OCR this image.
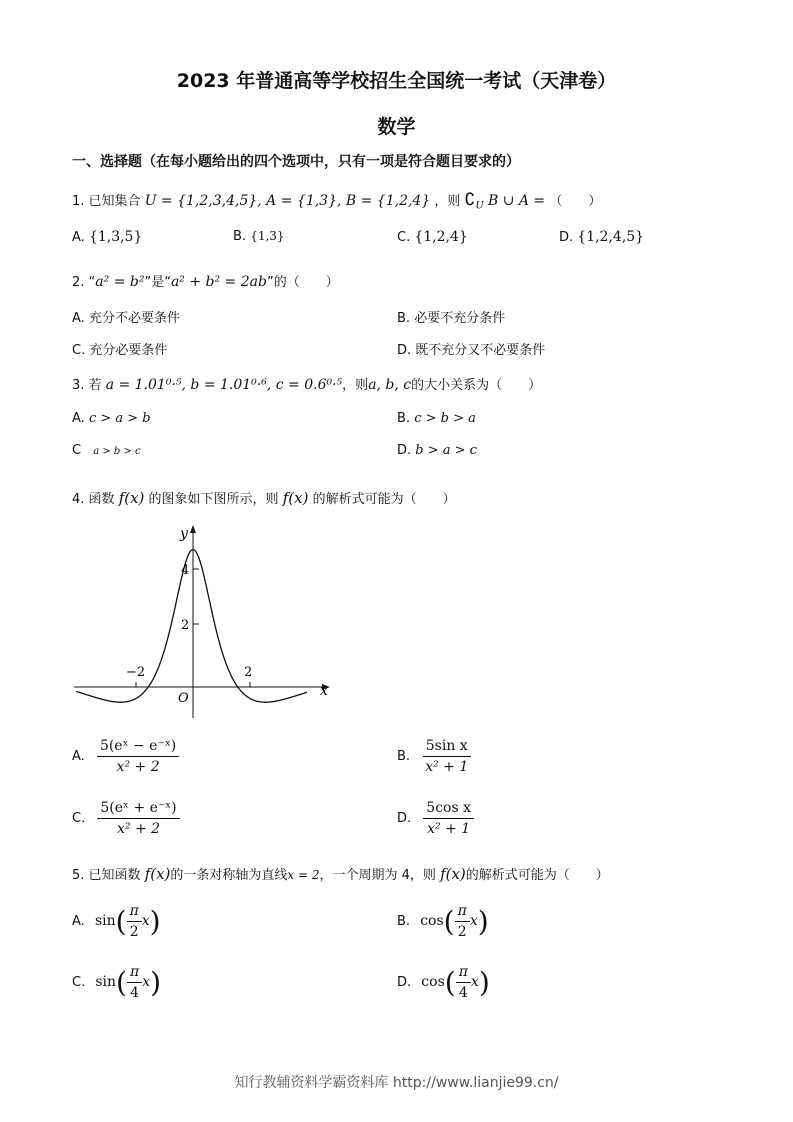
2023 年普通高等学校招生全国统一考试（天津卷）
数学
一、选择题（在每小题给出的四个选项中，只有一项是符合题目要求的）
1. 已知集合 U = {1,2,3,4,5}, A = {1,3}, B = {1,2,4} ，则 $∁_U$ B ∪ A = （　　）
A. {1,3,5}	B. {1,3}	C. {1,2,4}	D. {1,2,4,5}
2. “a² = b²”是“a² + b² = 2ab”的（　　）
A. 充分不必要条件	B. 必要不充分条件
C. 充分必要条件	D. 既不充分又不必要条件
3. 若 a = 1.01⁰·⁵, b = 1.01⁰·⁶, c = 0.6⁰·⁵，则a, b, c的大小关系为（　　）
A. c > a > b	B. c > b > a
C a > b > c	D. b > a > c
4. 函数 f(x) 的图象如下图所示，则 f(x) 的解析式可能为（　　）
y
x
O
4
2
−2	2
A. $\frac{\text{5(eˣ − e⁻ˣ)}}{\text{x² + 2}}$	B. $\frac{\text{5sin x}}{\text{x² + 1}}$
C. $\frac{\text{5(eˣ + e⁻ˣ)}}{\text{x² + 2}}$	D. $\frac{\text{5cos x}}{\text{x² + 1}}$
5. 已知函数 f(x)的一条对称轴为直线x = 2，一个周期为 4，则 f(x)的解析式可能为（　　）
A. $\sin( \frac{\pi}{2} x)$	B. $\cos( \frac{\pi}{2} x)$
C. $\sin( \frac{\pi}{4} x)$	D. $\cos( \frac{\pi}{4} x)$
知行教辅资料学霸资料库 http://www.lianjie99.cn/
